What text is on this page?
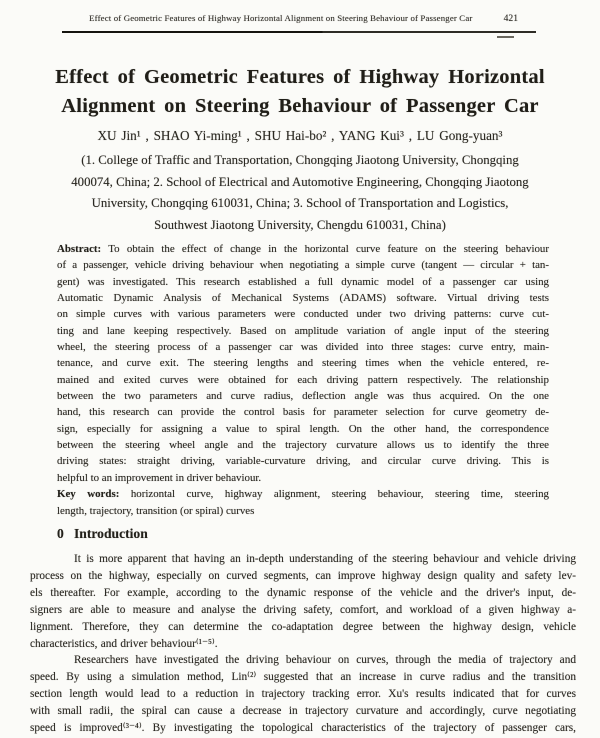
Effect of Geometric Features of Highway Horizontal Alignment on Steering Behaviour of Passenger Car	421
Effect of Geometric Features of Highway Horizontal
Alignment on Steering Behaviour of Passenger Car
XU Jin¹ , SHAO Yi-ming¹ , SHU Hai-bo² , YANG Kui³ , LU Gong-yuan³
(1. College of Traffic and Transportation, Chongqing Jiaotong University, Chongqing
400074, China; 2. School of Electrical and Automotive Engineering, Chongqing Jiaotong
University, Chongqing 610031, China; 3. School of Transportation and Logistics,
Southwest Jiaotong University, Chengdu 610031, China)
Abstract: To obtain the effect of change in the horizontal curve feature on the steering behaviour
of a passenger, vehicle driving behaviour when negotiating a simple curve (tangent — circular + tan-
gent) was investigated. This research established a full dynamic model of a passenger car using
Automatic Dynamic Analysis of Mechanical Systems (ADAMS) software. Virtual driving tests
on simple curves with various parameters were conducted under two driving patterns: curve cut-
ting and lane keeping respectively. Based on amplitude variation of angle input of the steering
wheel, the steering process of a passenger car was divided into three stages: curve entry, main-
tenance, and curve exit. The steering lengths and steering times when the vehicle entered, re-
mained and exited curves were obtained for each driving pattern respectively. The relationship
between the two parameters and curve radius, deflection angle was thus acquired. On the one
hand, this research can provide the control basis for parameter selection for curve geometry de-
sign, especially for assigning a value to spiral length. On the other hand, the correspondence
between the steering wheel angle and the trajectory curvature allows us to identify the three
driving states: straight driving, variable-curvature driving, and circular curve driving. This is
helpful to an improvement in driver behaviour.
Key words: horizontal curve, highway alignment, steering behaviour, steering time, steering
length, trajectory, transition (or spiral) curves
0  Introduction
It is more apparent that having an in-depth understanding of the steering behaviour and vehicle driving
process on the highway, especially on curved segments, can improve highway design quality and safety lev-
els thereafter. For example, according to the dynamic response of the vehicle and the driver's input, de-
signers are able to measure and analyse the driving safety, comfort, and workload of a given highway a-
lignment. Therefore, they can determine the co-adaptation degree between the highway design, vehicle
characteristics, and driver behaviour⁽¹⁻⁵⁾.
Researchers have investigated the driving behaviour on curves, through the media of trajectory and
speed. By using a simulation method, Lin⁽²⁾ suggested that an increase in curve radius and the transition
section length would lead to a reduction in trajectory tracking error. Xu's results indicated that for curves
with small radii, the spiral can cause a decrease in trajectory curvature and accordingly, curve negotiating
speed is improved⁽³⁻⁴⁾. By investigating the topological characteristics of the trajectory of passenger cars,
